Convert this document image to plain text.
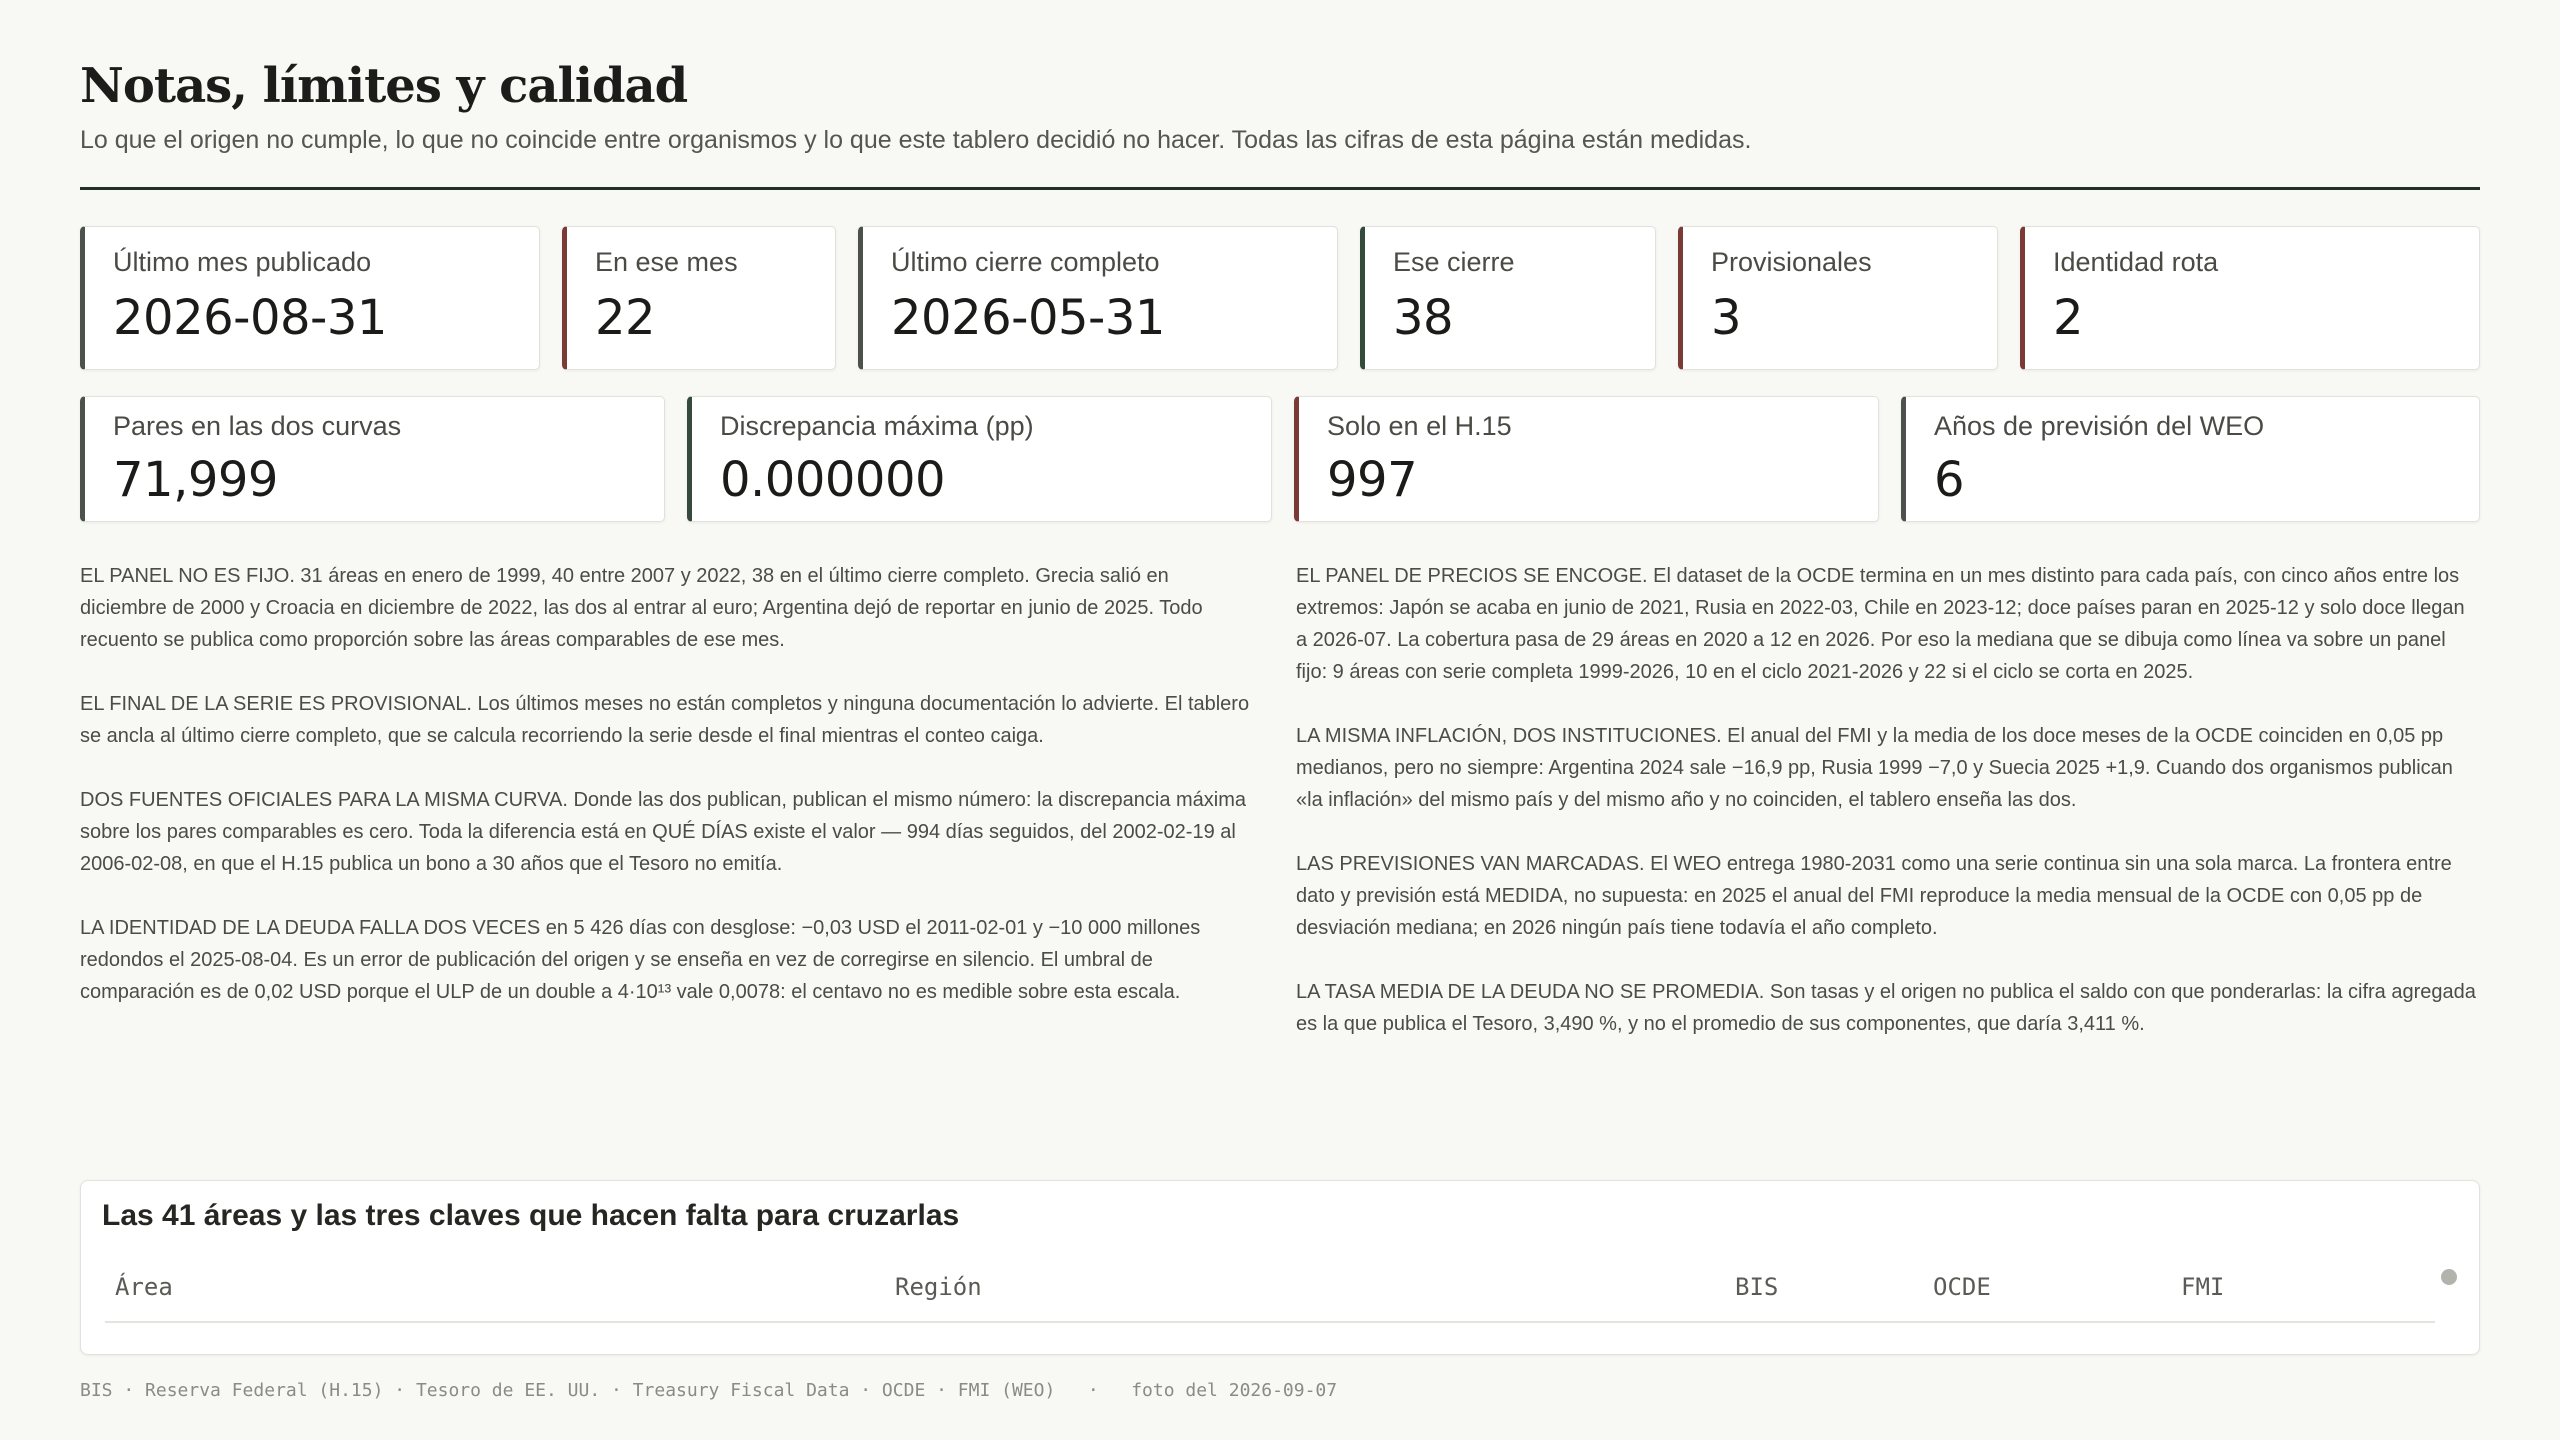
Notas, límites y calidad
Lo que el origen no cumple, lo que no coincide entre organismos y lo que este tablero decidió no hacer. Todas las cifras de esta página están medidas.
Último mes publicado
2026-08-31
En ese mes
22
Último cierre completo
2026-05-31
Ese cierre
38
Provisionales
3
Identidad rota
2
Pares en las dos curvas
71,999
Discrepancia máxima (pp)
0.000000
Solo en el H.15
997
Años de previsión del WEO
6

EL PANEL NO ES FIJO. 31 áreas en enero de 1999, 40 entre 2007 y 2022, 38 en el último cierre completo. Grecia salió en diciembre de 2000 y Croacia en diciembre de 2022, las dos al entrar al euro; Argentina dejó de reportar en junio de 2025. Todo recuento se publica como proporción sobre las áreas comparables de ese mes.

EL FINAL DE LA SERIE ES PROVISIONAL. Los últimos meses no están completos y ninguna documentación lo advierte. El tablero se ancla al último cierre completo, que se calcula recorriendo la serie desde el final mientras el conteo caiga.

DOS FUENTES OFICIALES PARA LA MISMA CURVA. Donde las dos publican, publican el mismo número: la discrepancia máxima sobre los pares comparables es cero. Toda la diferencia está en QUÉ DÍAS existe el valor — 994 días seguidos, del 2002-02-19 al 2006-02-08, en que el H.15 publica un bono a 30 años que el Tesoro no emitía.

LA IDENTIDAD DE LA DEUDA FALLA DOS VECES en 5 426 días con desglose: −0,03 USD el 2011-02-01 y −10 000 millones redondos el 2025-08-04. Es un error de publicación del origen y se enseña en vez de corregirse en silencio. El umbral de comparación es de 0,02 USD porque el ULP de un double a 4·10¹³ vale 0,0078: el centavo no es medible sobre esta escala.

EL PANEL DE PRECIOS SE ENCOGE. El dataset de la OCDE termina en un mes distinto para cada país, con cinco años entre los extremos: Japón se acaba en junio de 2021, Rusia en 2022-03, Chile en 2023-12; doce países paran en 2025-12 y solo doce llegan a 2026-07. La cobertura pasa de 29 áreas en 2020 a 12 en 2026. Por eso la mediana que se dibuja como línea va sobre un panel fijo: 9 áreas con serie completa 1999-2026, 10 en el ciclo 2021-2026 y 22 si el ciclo se corta en 2025.

LA MISMA INFLACIÓN, DOS INSTITUCIONES. El anual del FMI y la media de los doce meses de la OCDE coinciden en 0,05 pp medianos, pero no siempre: Argentina 2024 sale −16,9 pp, Rusia 1999 −7,0 y Suecia 2025 +1,9. Cuando dos organismos publican «la inflación» del mismo país y del mismo año y no coinciden, el tablero enseña las dos.

LAS PREVISIONES VAN MARCADAS. El WEO entrega 1980-2031 como una serie continua sin una sola marca. La frontera entre dato y previsión está MEDIDA, no supuesta: en 2025 el anual del FMI reproduce la media mensual de la OCDE con 0,05 pp de desviación mediana; en 2026 ningún país tiene todavía el año completo.

LA TASA MEDIA DE LA DEUDA NO SE PROMEDIA. Son tasas y el origen no publica el saldo con que ponderarlas: la cifra agregada es la que publica el Tesoro, 3,490 %, y no el promedio de sus componentes, que daría 3,411 %.

Las 41 áreas y las tres claves que hacen falta para cruzarlas
Área	Región	BIS	OCDE	FMI
BIS · Reserva Federal (H.15) · Tesoro de EE. UU. · Treasury Fiscal Data · OCDE · FMI (WEO) · foto del 2026-09-07
